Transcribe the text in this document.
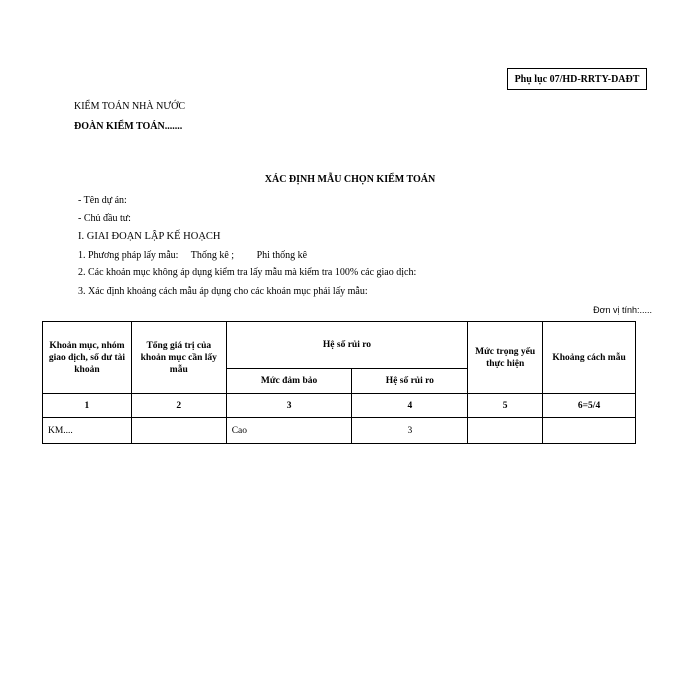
Phụ lục 07/HD-RRTY-DAĐT
KIỂM TOÁN NHÀ NƯỚC
ĐOÀN KIỂM TOÁN.......
XÁC ĐỊNH MẪU CHỌN KIỂM TOÁN
- Tên dự án:
- Chủ đầu tư:
I. GIAI ĐOẠN LẬP KẾ HOẠCH
1. Phương pháp lấy mẫu:     Thống kê ;         Phi thống kê
2. Các khoản mục không áp dụng kiểm tra lấy mẫu mà kiểm tra 100% các giao dịch:
3. Xác định khoảng cách mẫu áp dụng cho các khoản mục phải lấy mẫu:
Đơn vị tính:.....
Khoản mục, nhóm giao dịch, số dư tài khoản	Tổng giá trị của khoản mục cần lấy mẫu	Hệ số rủi ro		Mức trọng yếu thực hiện	Khoảng cách mẫu
		Mức đảm bảo	Hệ số rủi ro		
1	2	3	4	5	6=5/4
KM....		Cao	3		
